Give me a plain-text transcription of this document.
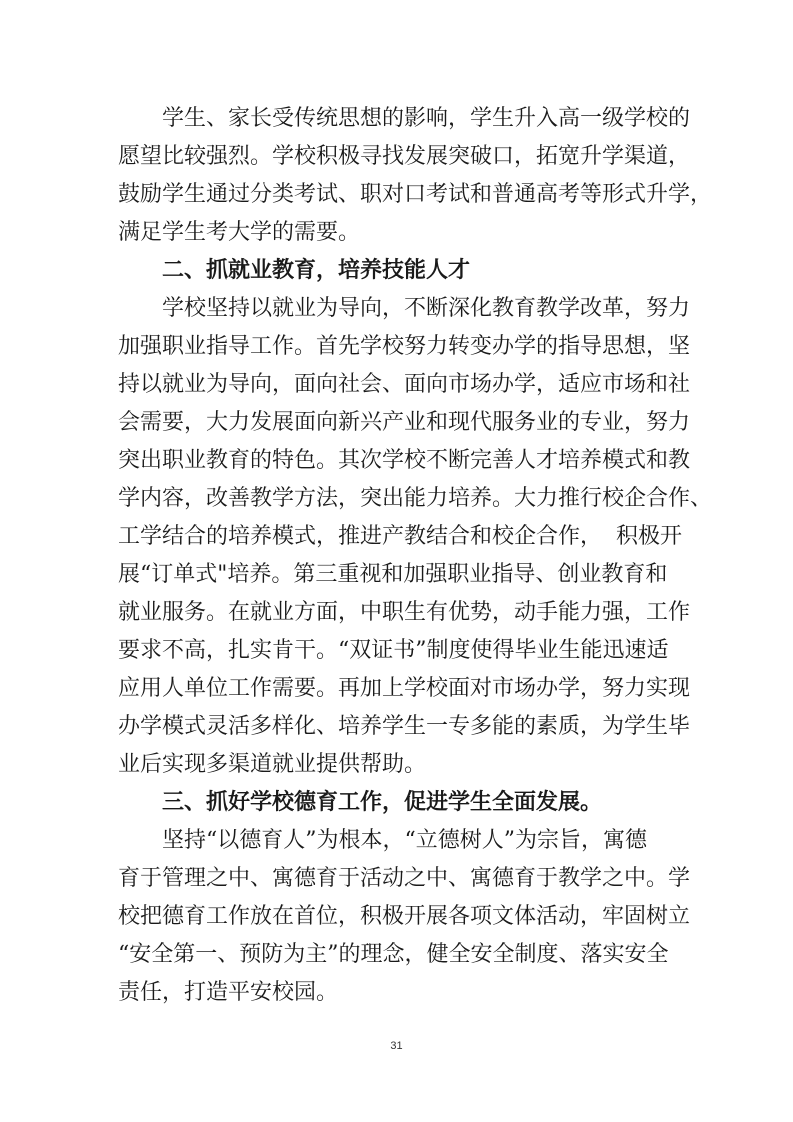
学生、家长受传统思想的影响，学生升入高一级学校的
愿望比较强烈。学校积极寻找发展突破口，拓宽升学渠道，
鼓励学生通过分类考试、职对口考试和普通高考等形式升学，
满足学生考大学的需要。
二、抓就业教育，培养技能人才
学校坚持以就业为导向，不断深化教育教学改革，努力
加强职业指导工作。首先学校努力转变办学的指导思想，坚
持以就业为导向，面向社会、面向市场办学，适应市场和社
会需要，大力发展面向新兴产业和现代服务业的专业，努力
突出职业教育的特色。其次学校不断完善人才培养模式和教
学内容，改善教学方法，突出能力培养。大力推行校企合作、
工学结合的培养模式，推进产教结合和校企合作，  积极开
展“订单式"培养。第三重视和加强职业指导、创业教育和
就业服务。在就业方面，中职生有优势，动手能力强，工作
要求不高，扎实肯干。“双证书”制度使得毕业生能迅速适
应用人单位工作需要。再加上学校面对市场办学，努力实现
办学模式灵活多样化、培养学生一专多能的素质，为学生毕
业后实现多渠道就业提供帮助。
三、抓好学校德育工作，促进学生全面发展。
坚持“以德育人”为根本，“立德树人”为宗旨，寓德
育于管理之中、寓德育于活动之中、寓德育于教学之中。学
校把德育工作放在首位，积极开展各项文体活动，牢固树立
“安全第一、预防为主”的理念，健全安全制度、落实安全
责任，打造平安校园。
31
